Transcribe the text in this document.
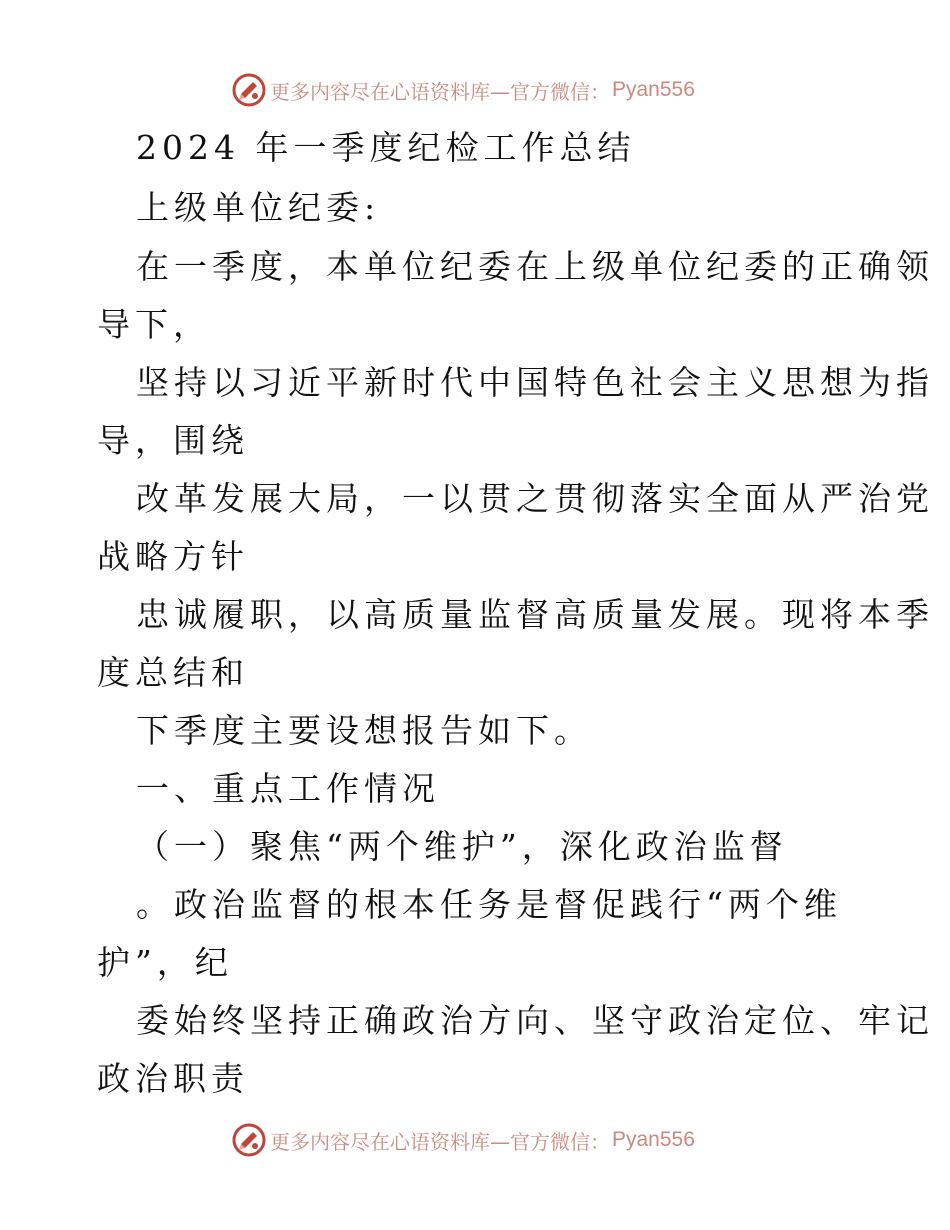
更多内容尽在心语资料库—官方微信： Pyan556
2024 年一季度纪检工作总结
上级单位纪委:
在一季度，本单位纪委在上级单位纪委的正确领
导下，
坚持以习近平新时代中国特色社会主义思想为指
导，围绕
改革发展大局，一以贯之贯彻落实全面从严治党
战略方针
忠诚履职，以高质量监督高质量发展。现将本季
度总结和
下季度主要设想报告如下。
一、重点工作情况
（一）聚焦“两个维护”，深化政治监督
。政治监督的根本任务是督促践行“两个维
护”，纪
委始终坚持正确政治方向、坚守政治定位、牢记
政治职责
更多内容尽在心语资料库—官方微信： Pyan556
